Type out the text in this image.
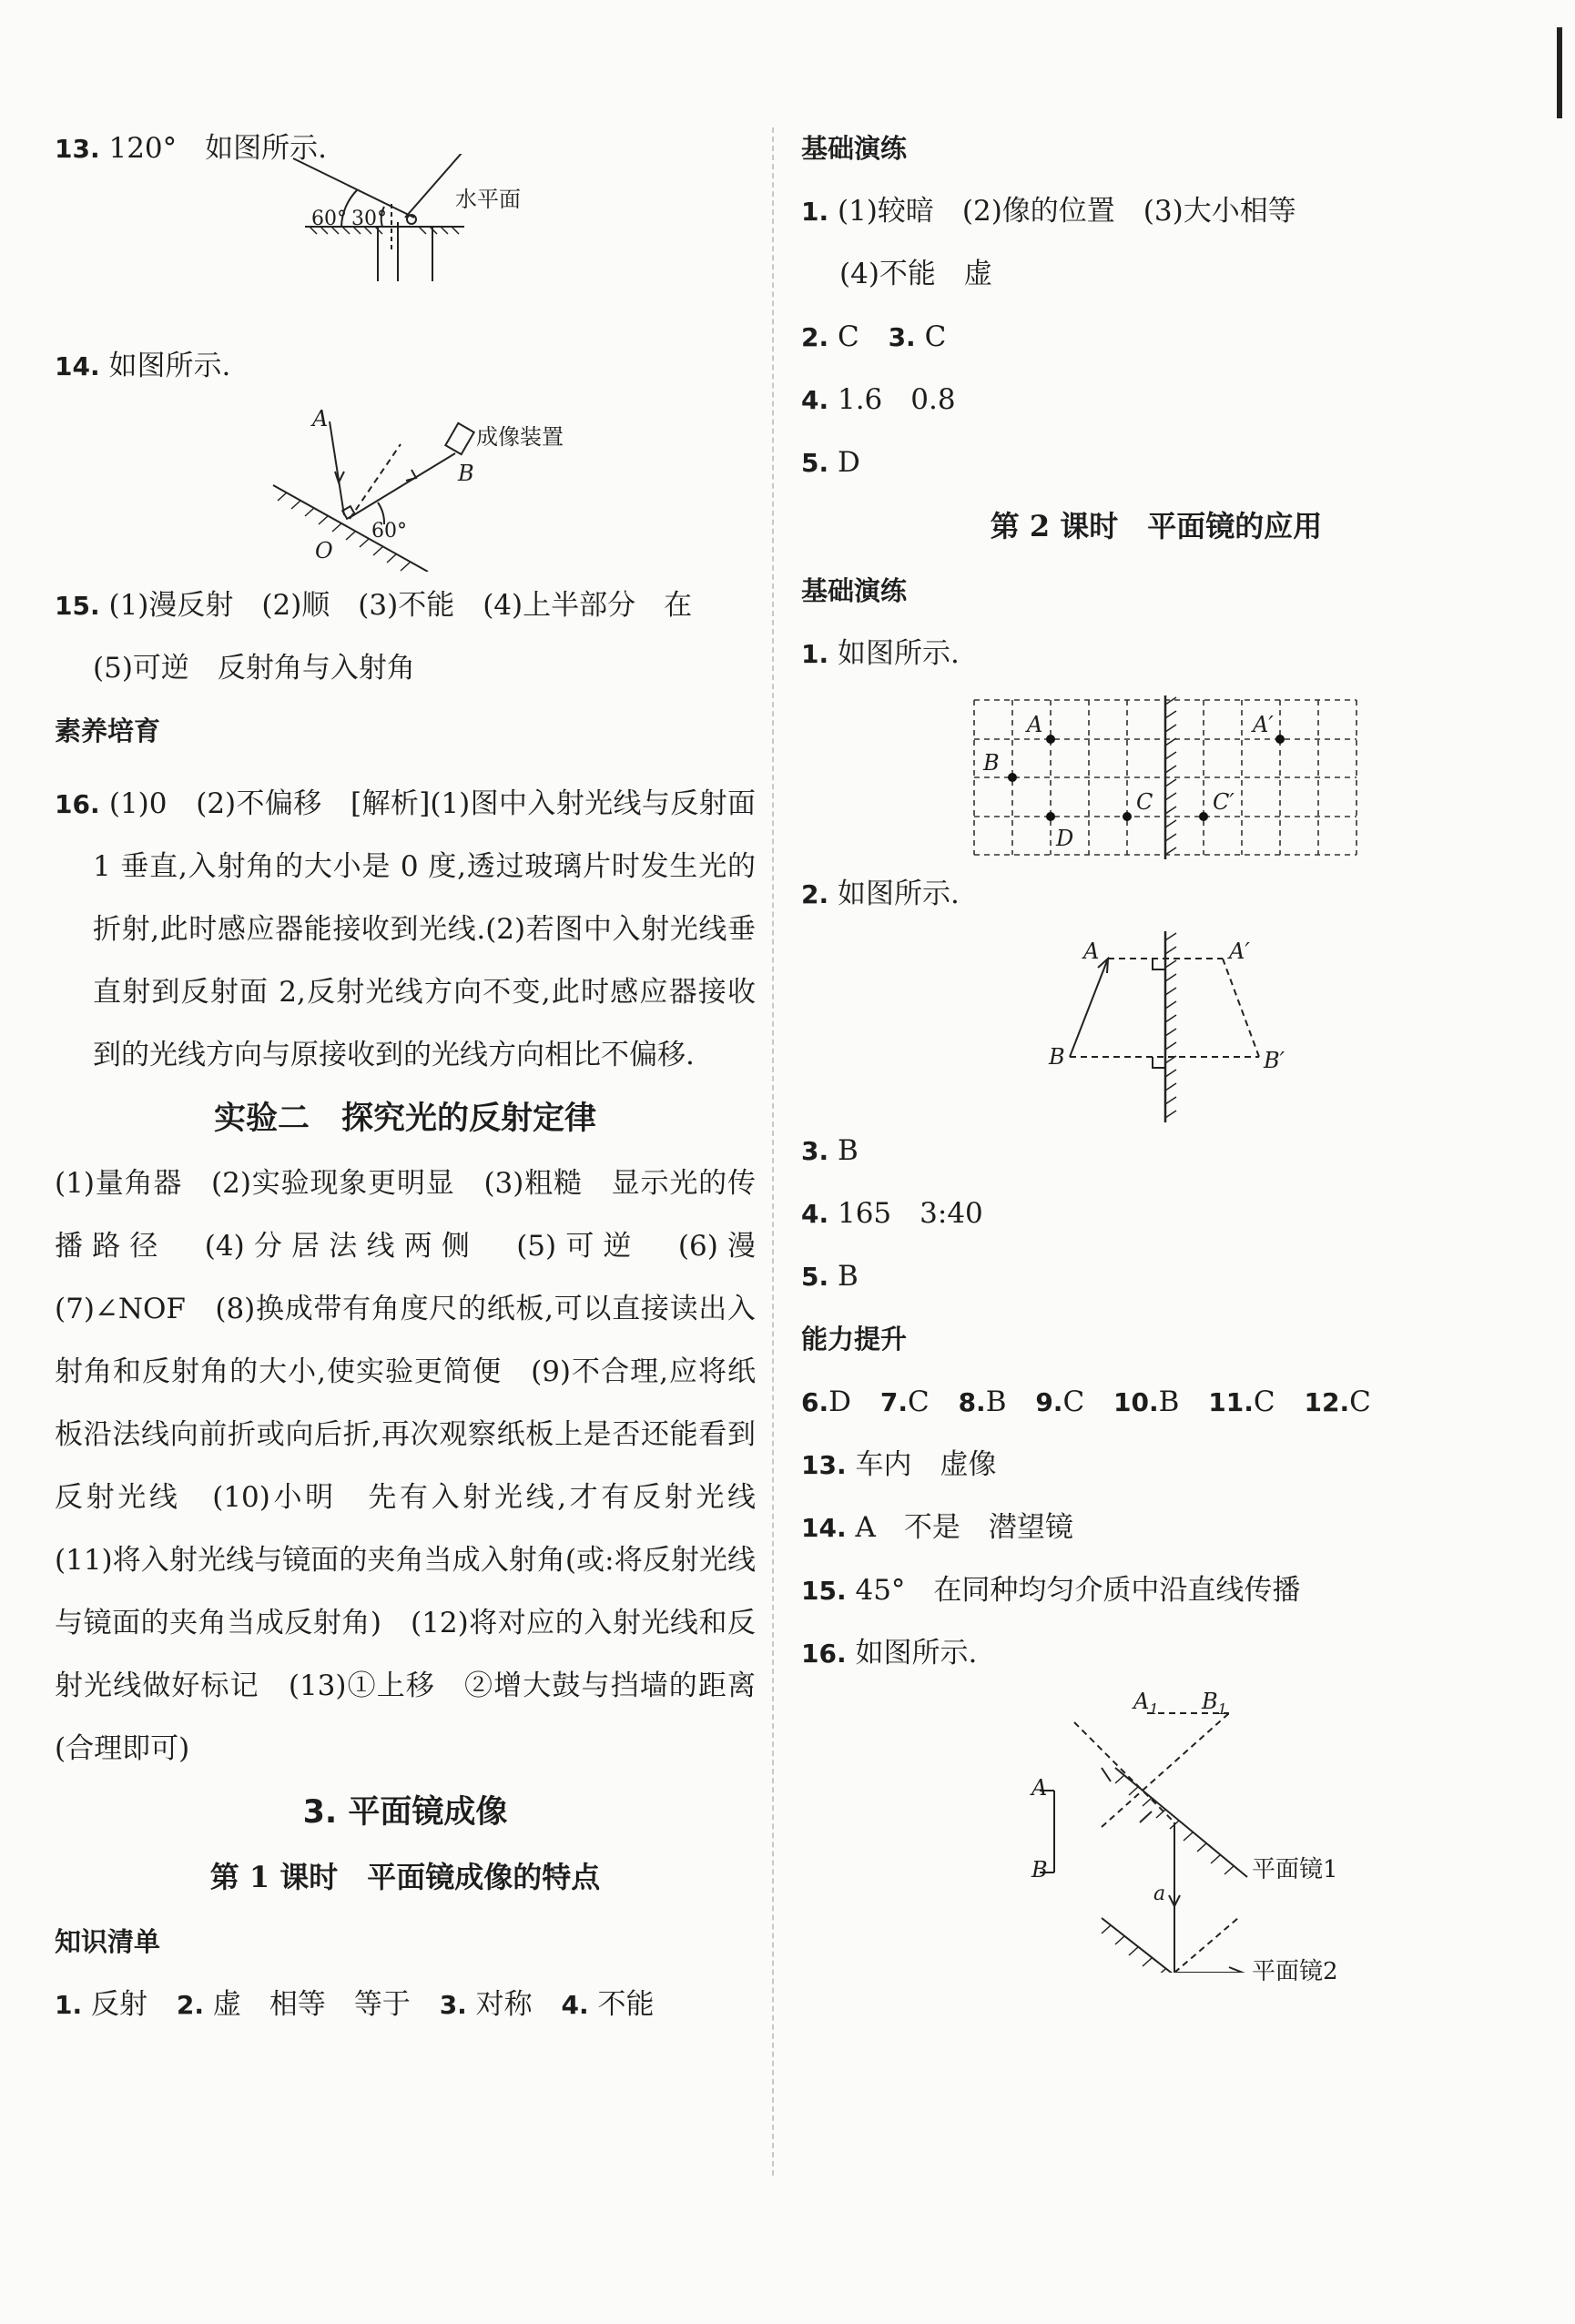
13. 120°　如图所示.
60° 30°
水平面
14. 如图所示.
A
B
O
60°
成像装置
15. (1)漫反射　(2)顺　(3)不能　(4)上半部分　在
(5)可逆　反射角与入射角
素养培育
16. (1)0　(2)不偏移　[解析](1)图中入射光线与反射面 1 垂直,入射角的大小是 0 度,透过玻璃片时发生光的折射,此时感应器能接收到光线.(2)若图中入射光线垂直射到反射面 2,反射光线方向不变,此时感应器接收到的光线方向与原接收到的光线方向相比不偏移.
实验二　探究光的反射定律
(1)量角器　(2)实验现象更明显　(3)粗糙　显示光的传播路径　(4)分居法线两侧　(5)可逆　(6)漫　(7)∠NOF　(8)换成带有角度尺的纸板,可以直接读出入射角和反射角的大小,使实验更简便　(9)不合理,应将纸板沿法线向前折或向后折,再次观察纸板上是否还能看到反射光线　(10)小明　先有入射光线,才有反射光线　(11)将入射光线与镜面的夹角当成入射角(或:将反射光线与镜面的夹角当成反射角)　(12)将对应的入射光线和反射光线做好标记　(13)①上移　②增大鼓与挡墙的距离(合理即可)
3. 平面镜成像
第 1 课时　平面镜成像的特点
知识清单
1. 反射 2. 虚　相等　等于 3. 对称 4. 不能
基础演练
1. (1)较暗　(2)像的位置　(3)大小相等
(4)不能　虚
2. C 3. C
4. 1.6　0.8
5. D
第 2 课时　平面镜的应用
基础演练
1. 如图所示.
A	A′
B
C	C′
D
2. 如图所示.
A	A′
B	B′
3. B
4. 165　3:40
5. B
能力提升
6.D 7.C 8.B 9.C 10.B 11.C 12.C
13. 车内　虚像
14. A　不是　潜望镜
15. 45°　在同种均匀介质中沿直线传播
16. 如图所示.
$A_1$ $B_1$
A
B
a
平面镜1
平面镜2
